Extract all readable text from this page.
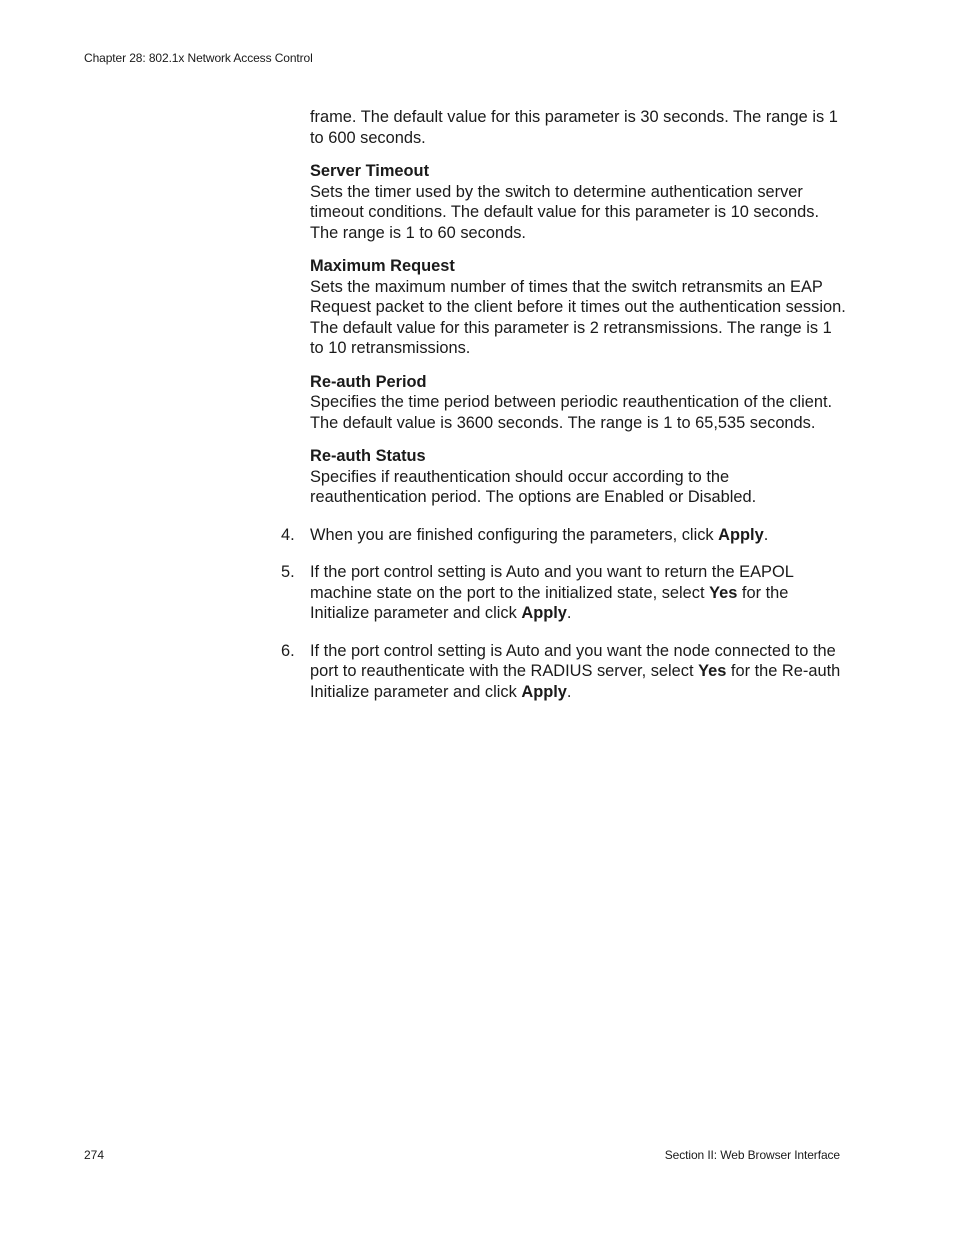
Chapter 28: 802.1x Network Access Control

frame. The default value for this parameter is 30 seconds. The range is 1 to 600 seconds.

Server Timeout
Sets the timer used by the switch to determine authentication server timeout conditions. The default value for this parameter is 10 seconds. The range is 1 to 60 seconds.
Maximum Request
Sets the maximum number of times that the switch retransmits an EAP Request packet to the client before it times out the authentication session. The default value for this parameter is 2 retransmissions. The range is 1 to 10 retransmissions.
Re-auth Period
Specifies the time period between periodic reauthentication of the client. The default value is 3600 seconds. The range is 1 to 65,535 seconds.
Re-auth Status
Specifies if reauthentication should occur according to the reauthentication period. The options are Enabled or Disabled.
4. When you are finished configuring the parameters, click Apply.
5. If the port control setting is Auto and you want to return the EAPOL machine state on the port to the initialized state, select Yes for the Initialize parameter and click Apply.
6. If the port control setting is Auto and you want the node connected to the port to reauthenticate with the RADIUS server, select Yes for the Re-auth Initialize parameter and click Apply.
274	Section II: Web Browser Interface
